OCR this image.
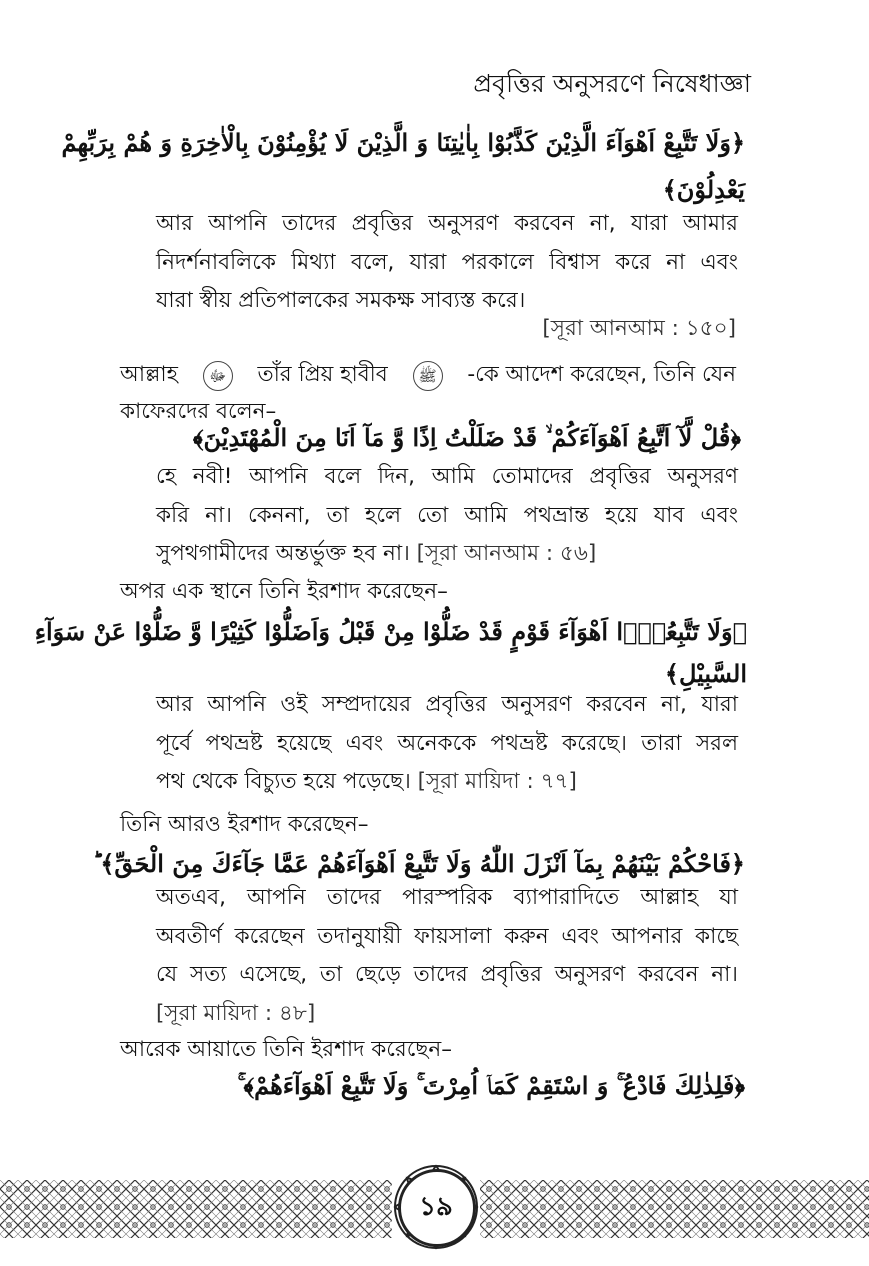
প্রবৃত্তির অনুসরণে নিষেধাজ্ঞা
﴿وَلَا تَتَّبِعْ اَهْوَآءَ الَّذِيْنَ كَذَّبُوْا بِاٰيٰتِنَا وَ الَّذِيْنَ لَا يُؤْمِنُوْنَ بِالْاٰخِرَةِ وَ هُمْ بِرَبِّهِمْ
يَعْدِلُوْنَ﴾

আর আপনি তাদের প্রবৃত্তির অনুসরণ করবেন না, যারা আমার

নিদর্শনাবলিকে মিথ্যা বলে, যারা পরকালে বিশ্বাস করে না এবং

যারা স্বীয় প্রতিপালকের সমকক্ষ সাব্যস্ত করে।

[সূরা আনআম : ১৫০]
আল্লাহ	ﷻ	তাঁর প্রিয় হাবীব	ﷺ -কে আদেশ করেছেন, তিনি যেন
কাফেরদের বলেন–
﴿قُلْ لَّآ اَتَّبِعُ اَهْوَآءَكُمْ ۙ قَدْ ضَلَلْتُ اِذًا وَّ مَآ اَنَا مِنَ الْمُهْتَدِيْنَ﴾

হে নবী! আপনি বলে দিন, আমি তোমাদের প্রবৃত্তির অনুসরণ

করি না। কেননা, তা হলে তো আমি পথভ্রান্ত হয়ে যাব এবং

সুপথগামীদের অন্তর্ভুক্ত হব না। [সূরা আনআম : ৫৬]

অপর এক স্থানে তিনি ইরশাদ করেছেন–
﴿وَلَا تَتَّبِعُوْۤا اَهْوَآءَ قَوْمٍ قَدْ ضَلُّوْا مِنْ قَبْلُ وَاَضَلُّوْا كَثِيْرًا وَّ ضَلُّوْا عَنْ سَوَآءِ
السَّبِيْلِ﴾

আর আপনি ওই সম্প্রদায়ের প্রবৃত্তির অনুসরণ করবেন না, যারা

পূর্বে পথভ্রষ্ট হয়েছে এবং অনেককে পথভ্রষ্ট করেছে। তারা সরল

পথ থেকে বিচ্যুত হয়ে পড়েছে। [সূরা মায়িদা : ৭৭]

তিনি আরও ইরশাদ করেছেন–
﴿فَاحْكُمْ بَيْنَهُمْ بِمَآ اَنْزَلَ اللّٰهُ وَلَا تَتَّبِعْ اَهْوَآءَهُمْ عَمَّا جَآءَكَ مِنَ الْحَقِّ﴾ ؕ

অতএব, আপনি তাদের পারস্পরিক ব্যাপারাদিতে আল্লাহ যা

অবতীর্ণ করেছেন তদানুযায়ী ফায়সালা করুন এবং আপনার কাছে

যে সত্য এসেছে, তা ছেড়ে তাদের প্রবৃত্তির অনুসরণ করবেন না।

[সূরা মায়িদা : ৪৮]

আরেক আয়াতে তিনি ইরশাদ করেছেন–
﴿فَلِذٰلِكَ فَادْعُ ۚ وَ اسْتَقِمْ كَمَاۤ اُمِرْتَ ۚ وَلَا تَتَّبِعْ اَهْوَآءَهُمْ﴾ ۚ
১৯
